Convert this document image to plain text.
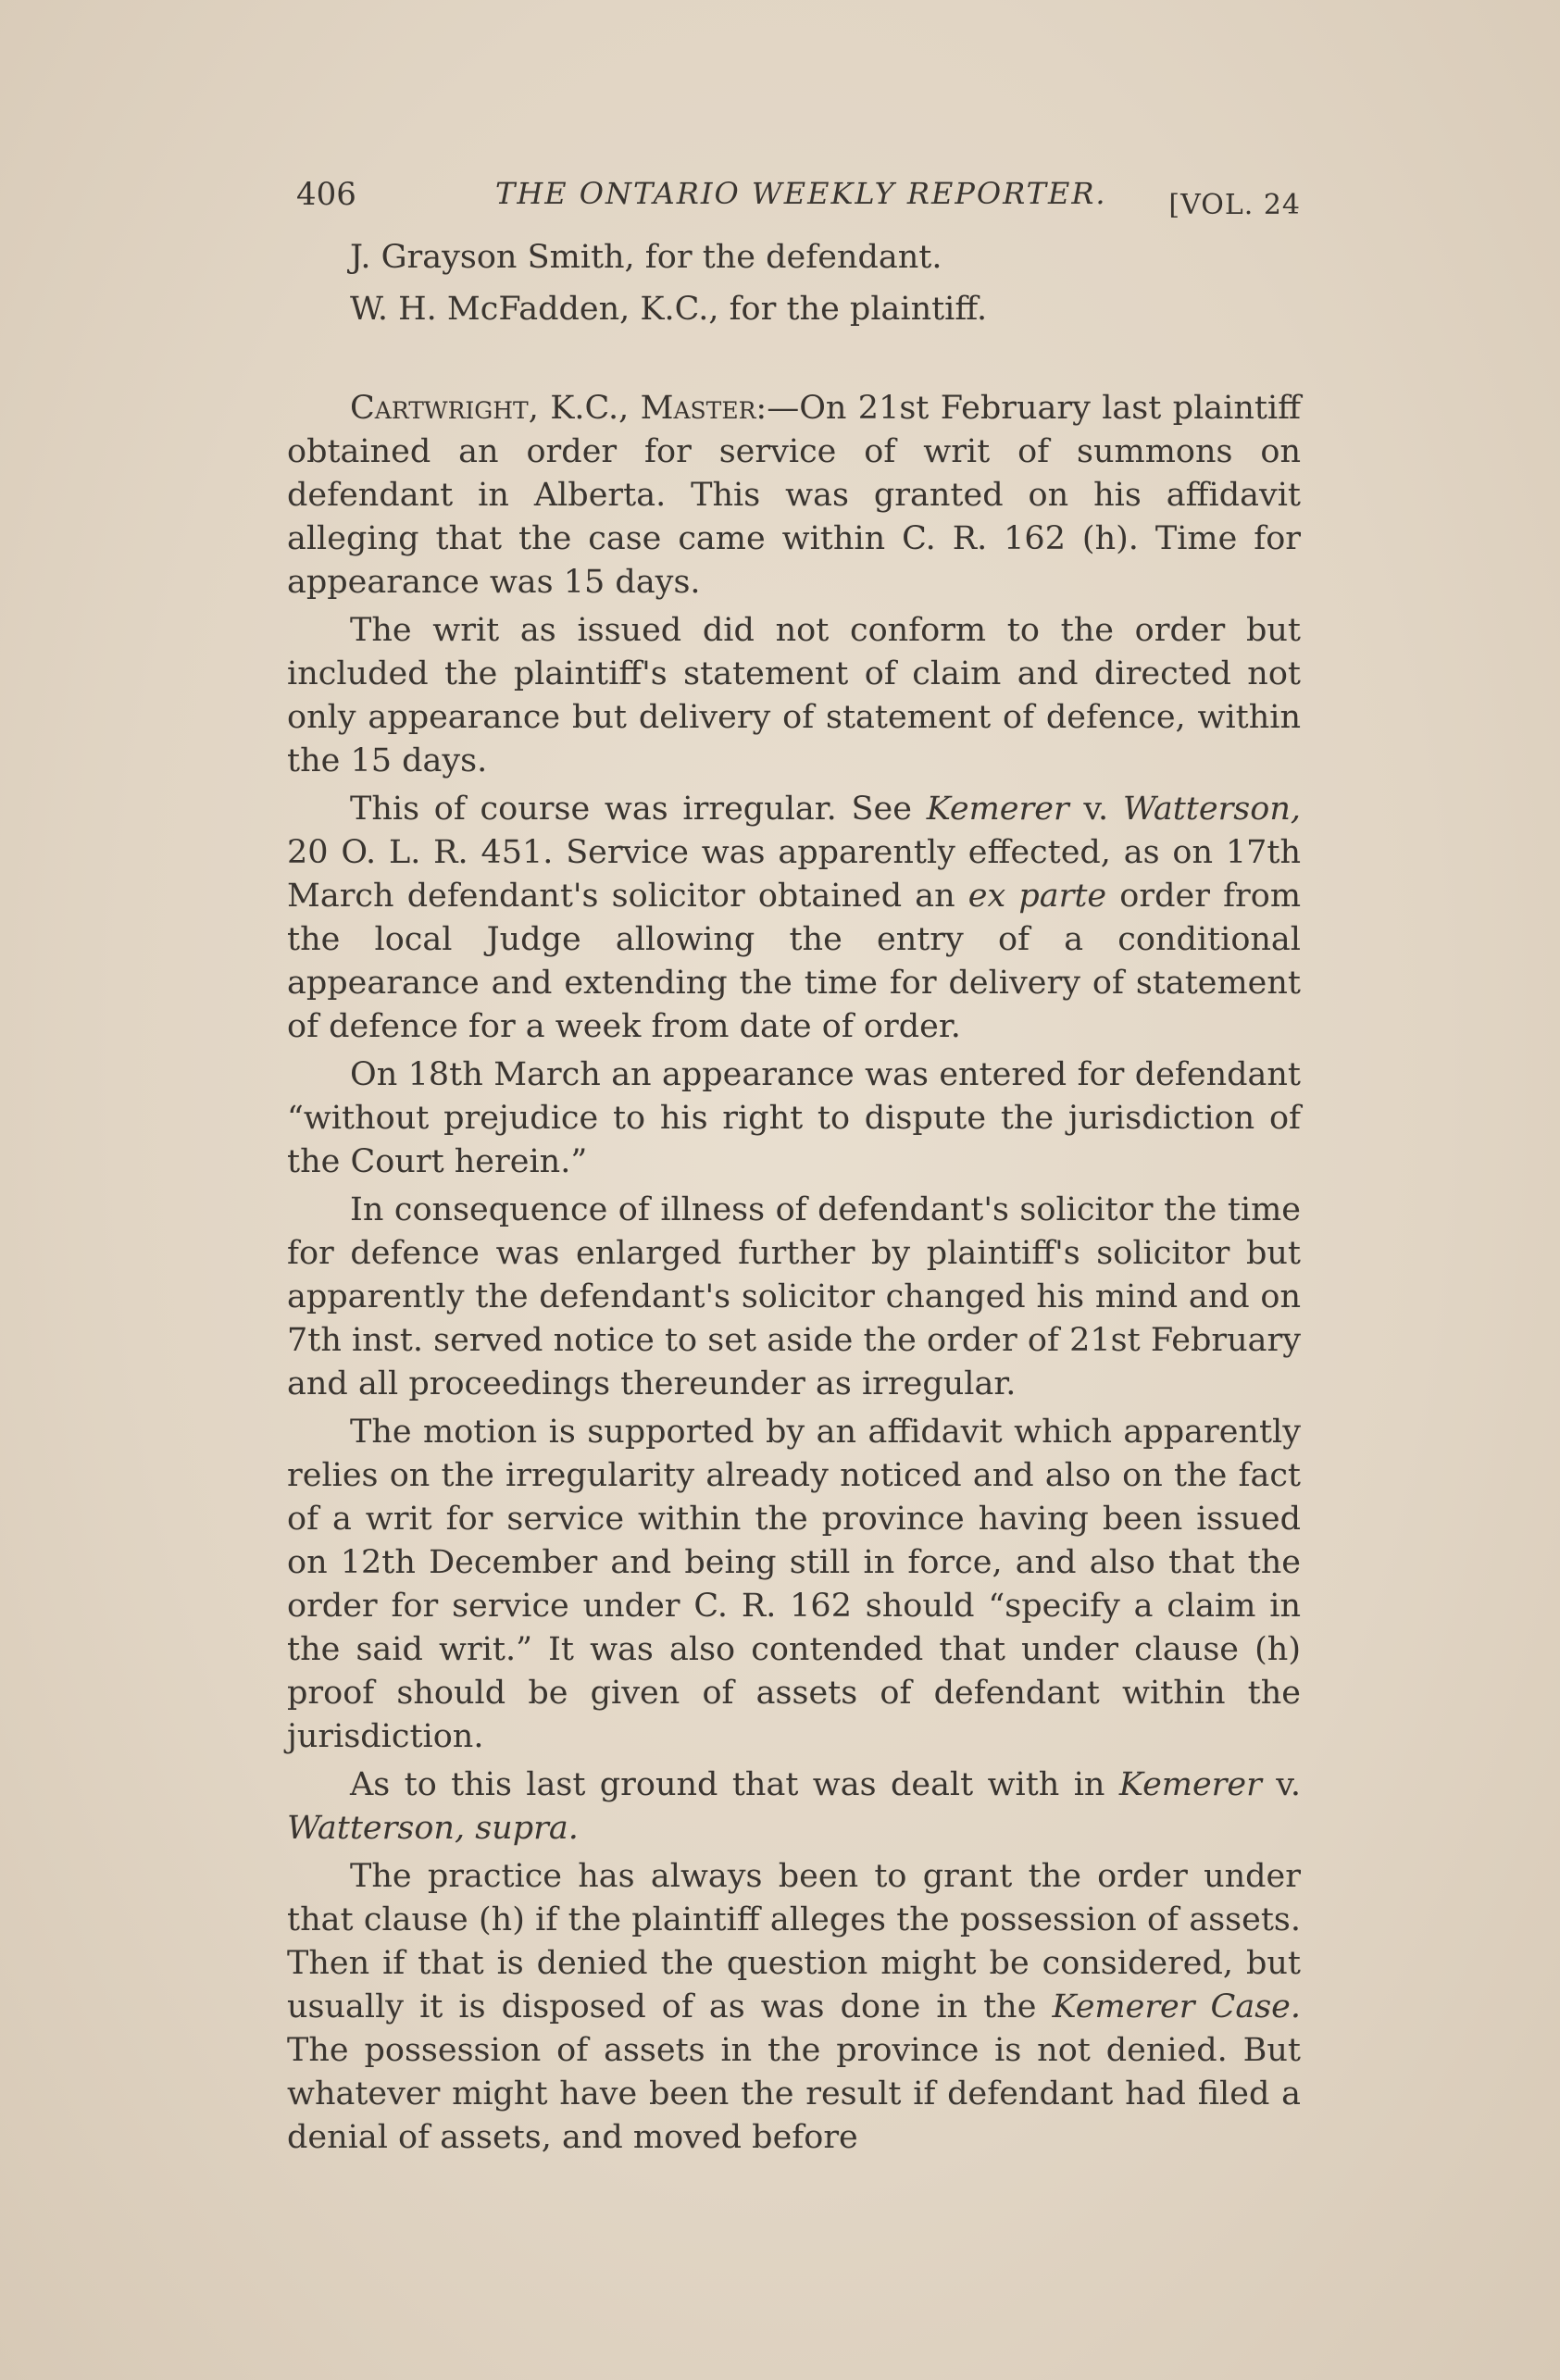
406	THE ONTARIO WEEKLY REPORTER. [VOL. 24
J. Grayson Smith, for the defendant.
W. H. McFadden, K.C., for the plaintiff.

Cartwright, K.C., Master:—On 21st February last plaintiff obtained an order for service of writ of summons on defendant in Alberta. This was granted on his affidavit alleging that the case came within C. R. 162 (h). Time for appearance was 15 days.

The writ as issued did not conform to the order but included the plaintiff's statement of claim and directed not only appearance but delivery of statement of defence, within the 15 days.

This of course was irregular. See Kemerer v. Watterson, 20 O. L. R. 451. Service was apparently effected, as on 17th March defendant's solicitor obtained an ex parte order from the local Judge allowing the entry of a conditional appearance and extending the time for delivery of statement of defence for a week from date of order.

On 18th March an appearance was entered for defendant “without prejudice to his right to dispute the jurisdiction of the Court herein.”

In consequence of illness of defendant's solicitor the time for defence was enlarged further by plaintiff's solicitor but apparently the defendant's solicitor changed his mind and on 7th inst. served notice to set aside the order of 21st February and all proceedings thereunder as irregular.

The motion is supported by an affidavit which apparently relies on the irregularity already noticed and also on the fact of a writ for service within the province having been issued on 12th December and being still in force, and also that the order for service under C. R. 162 should “specify a claim in the said writ.” It was also contended that under clause (h) proof should be given of assets of defendant within the jurisdiction.

As to this last ground that was dealt with in Kemerer v. Watterson, supra.

The practice has always been to grant the order under that clause (h) if the plaintiff alleges the possession of assets. Then if that is denied the question might be considered, but usually it is disposed of as was done in the Kemerer Case. The possession of assets in the province is not denied. But whatever might have been the result if defendant had filed a denial of assets, and moved before
